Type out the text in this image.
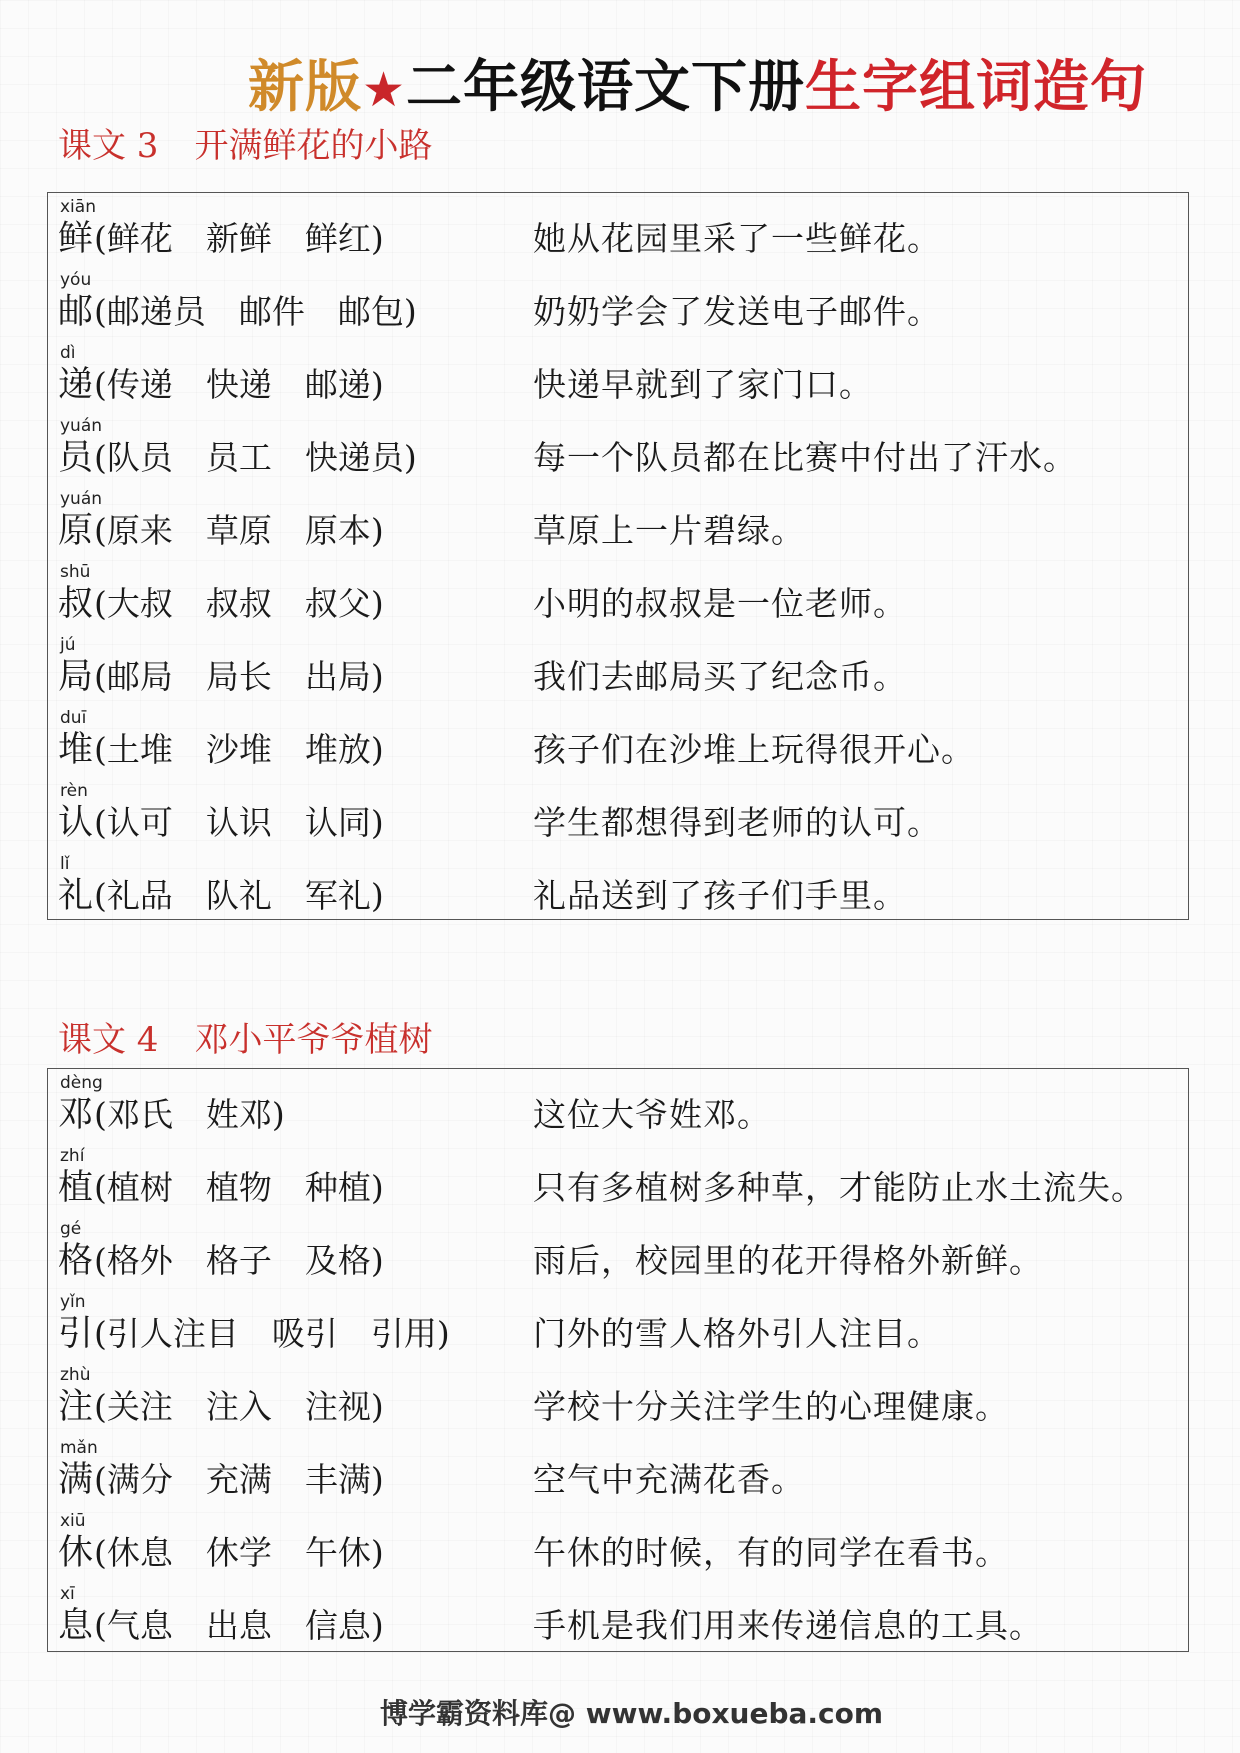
新版★二年级语文下册生字组词造句
课文 3 开满鲜花的小路
xiān
鲜 (鲜花　新鲜　鲜红)	她从花园里采了一些鲜花。
yóu
邮 (邮递员　邮件　邮包)	奶奶学会了发送电子邮件。
dì
递 (传递　快递　邮递)	快递早就到了家门口。
yuán
员 (队员　员工　快递员)	每一个队员都在比赛中付出了汗水。
yuán
原 (原来　草原　原本)	草原上一片碧绿。
shū
叔 (大叔　叔叔　叔父)	小明的叔叔是一位老师。
jú
局 (邮局　局长　出局)	我们去邮局买了纪念币。
duī
堆 (土堆　沙堆　堆放)	孩子们在沙堆上玩得很开心。
rèn
认 (认可　认识　认同)	学生都想得到老师的认可。
lǐ
礼 (礼品　队礼　军礼)	礼品送到了孩子们手里。
课文 4 邓小平爷爷植树
dèng
邓 (邓氏　姓邓)	这位大爷姓邓。
zhí
植 (植树　植物　种植)	只有多植树多种草，才能防止水土流失。
gé
格 (格外　格子　及格)	雨后，校园里的花开得格外新鲜。
yǐn
引 (引人注目　吸引　引用)	门外的雪人格外引人注目。
zhù
注 (关注　注入　注视)	学校十分关注学生的心理健康。
mǎn
满 (满分　充满　丰满)	空气中充满花香。
xiū
休 (休息　休学　午休)	午休的时候，有的同学在看书。
xī
息 (气息　出息　信息)	手机是我们用来传递信息的工具。
博学霸资料库@ www.boxueba.com
